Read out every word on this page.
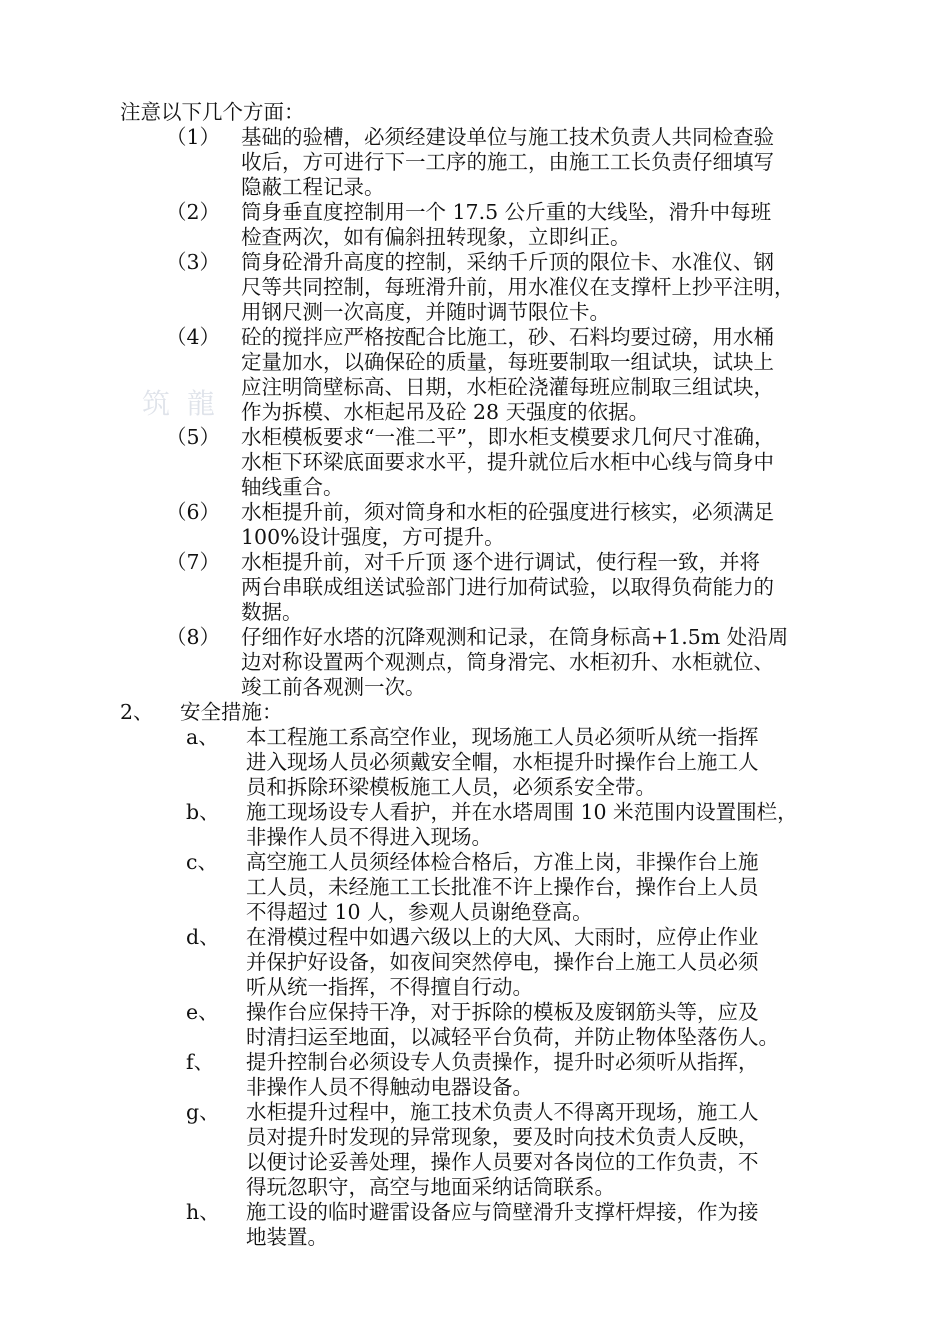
筑 龍
注意以下几个方面：
（1） 基础的验槽，必须经建设单位与施工技术负责人共同检查验
收后，方可进行下一工序的施工，由施工工长负责仔细填写
隐蔽工程记录。
（2） 筒身垂直度控制用一个 17.5 公斤重的大线坠，滑升中每班
检查两次，如有偏斜扭转现象，立即纠正。
（3） 筒身砼滑升高度的控制，采纳千斤顶的限位卡、水准仪、钢
尺等共同控制，每班滑升前，用水准仪在支撑杆上抄平注明，
用钢尺测一次高度，并随时调节限位卡。
（4） 砼的搅拌应严格按配合比施工，砂、石料均要过磅，用水桶
定量加水，以确保砼的质量，每班要制取一组试块，试块上
应注明筒壁标高、日期，水柜砼浇灌每班应制取三组试块，
作为拆模、水柜起吊及砼 28 天强度的依据。
（5） 水柜模板要求“一准二平”，即水柜支模要求几何尺寸准确，
水柜下环梁底面要求水平，提升就位后水柜中心线与筒身中
轴线重合。
（6） 水柜提升前，须对筒身和水柜的砼强度进行核实，必须满足
100%设计强度，方可提升。
（7） 水柜提升前，对千斤顶 逐个进行调试，使行程一致，并将
两台串联成组送试验部门进行加荷试验，以取得负荷能力的
数据。
（8） 仔细作好水塔的沉降观测和记录，在筒身标高+1.5m 处沿周
边对称设置两个观测点，筒身滑完、水柜初升、水柜就位、
竣工前各观测一次。
2、 安全措施：
a、 本工程施工系高空作业，现场施工人员必须听从统一指挥
进入现场人员必须戴安全帽，水柜提升时操作台上施工人
员和拆除环梁模板施工人员，必须系安全带。
b、 施工现场设专人看护，并在水塔周围 10 米范围内设置围栏，
非操作人员不得进入现场。
c、 高空施工人员须经体检合格后，方准上岗，非操作台上施
工人员，未经施工工长批准不许上操作台，操作台上人员
不得超过 10 人，参观人员谢绝登高。
d、 在滑模过程中如遇六级以上的大风、大雨时，应停止作业
并保护好设备，如夜间突然停电，操作台上施工人员必须
听从统一指挥，不得擅自行动。
e、 操作台应保持干净，对于拆除的模板及废钢筋头等，应及
时清扫运至地面，以减轻平台负荷，并防止物体坠落伤人。
f、 提升控制台必须设专人负责操作，提升时必须听从指挥，
非操作人员不得触动电器设备。
g、 水柜提升过程中，施工技术负责人不得离开现场，施工人
员对提升时发现的异常现象，要及时向技术负责人反映，
以便讨论妥善处理，操作人员要对各岗位的工作负责，不
得玩忽职守，高空与地面采纳话筒联系。
h、 施工设的临时避雷设备应与筒壁滑升支撑杆焊接，作为接
地装置。
